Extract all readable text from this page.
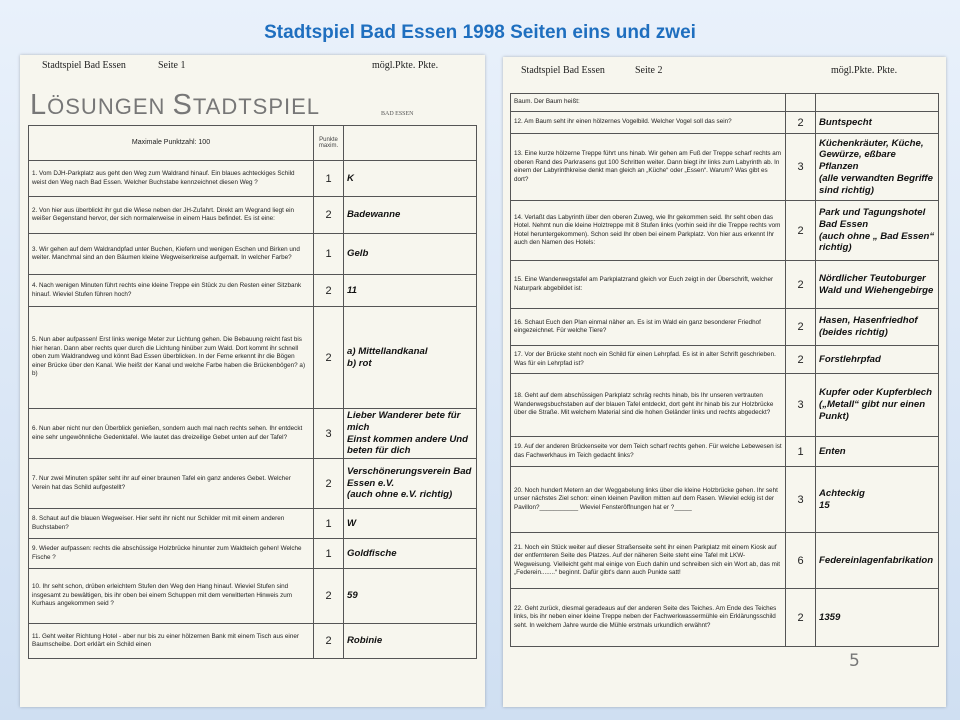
Stadtspiel Bad Essen 1998 Seiten eins und zwei
Stadtspiel Bad Essen	Seite 1	mögl.Pkte. Pkte.
LÖSUNGEN STADTSPIEL	BAD ESSEN
Maximale Punktzahl: 100	Punkte maxim.	
1. Vom DJH-Parkplatz aus geht den Weg zum Waldrand hinauf. Ein blaues achteckiges Schild weist den Weg nach Bad Essen. Welcher Buchstabe kennzeichnet diesen Weg ?	1	K
2. Von hier aus überblickt ihr gut die Wiese neben der JH-Zufahrt. Direkt am Wegrand liegt ein weißer Gegenstand hervor, der sich normalerweise in einem Haus befindet. Es ist eine:	2	Badewanne
3. Wir gehen auf dem Waldrandpfad unter Buchen, Kiefern und wenigen Eschen und Birken und weiter. Manchmal sind an den Bäumen kleine Wegweiserkreise aufgemalt. In welcher Farbe?	1	Gelb
4. Nach wenigen Minuten führt rechts eine kleine Treppe ein Stück zu den Resten einer Sitzbank hinauf. Wieviel Stufen führen hoch?	2	11
5. Nun aber aufpassen! Erst links wenige Meter zur Lichtung gehen. Die Bebauung reicht fast bis hier heran. Dann aber rechts quer durch die Lichtung hinüber zum Wald. Dort kommt ihr schnell oben zum Waldrandweg und könnt Bad Essen überblicken. In der Ferne erkennt ihr die Bögen einer Brücke über den Kanal. Wie heißt der Kanal und welche Farbe haben die Brückenbögen? a) b)	2	a) Mittellandkanal
b) rot
6. Nun aber nicht nur den Überblick genießen, sondern auch mal nach rechts sehen. Ihr entdeckt eine sehr ungewöhnliche Gedenktafel. Wie lautet das dreizeilige Gebet unten auf der Tafel?	3	Lieber Wanderer bete für mich
Einst kommen andere Und beten für dich
7. Nur zwei Minuten später seht ihr auf einer braunen Tafel ein ganz anderes Gebet. Welcher Verein hat das Schild aufgestellt?	2	Verschönerungsverein Bad Essen e.V.
(auch ohne e.V. richtig)
8. Schaut auf die blauen Wegweiser. Hier seht ihr nicht nur Schilder mit mit einem anderen Buchstaben?	1	W
9. Wieder aufpassen: rechts die abschüssige Holzbrücke hinunter zum Waldteich gehen! Welche Fische ?	1	Goldfische
10. Ihr seht schon, drüben erleichtern Stufen den Weg den Hang hinauf. Wieviel Stufen sind insgesamt zu bewältigen, bis ihr oben bei einem Schuppen mit dem verwitterten Hinweis zum Kurhaus angekommen seid ?	2	59
11. Geht weiter Richtung Hotel - aber nur bis zu einer hölzernen Bank mit einem Tisch aus einer Baumscheibe. Dort erklärt ein Schild einen	2	Robinie
Stadtspiel Bad Essen	Seite 2	mögl.Pkte. Pkte.
Baum. Der Baum heißt:		
12. Am Baum seht ihr einen hölzernes Vogelbild. Welcher Vogel soll das sein?	2	Buntspecht
13. Eine kurze hölzerne Treppe führt uns hinab. Wir gehen am Fuß der Treppe scharf rechts am oberen Rand des Parkrasens gut 100 Schritten weiter. Dann biegt ihr links zum Labyrinth ab. In einem der Labyrinthkreise denkt man gleich an „Küche“ oder „Essen“. Warum? Was gibt es dort?	3	Küchenkräuter, Küche, Gewürze, eßbare Pflanzen
(alle verwandten Begriffe sind richtig)
14. Verlaßt das Labyrinth über den oberen Zuweg, wie Ihr gekommen seid. Ihr seht oben das Hotel. Nehmt nun die kleine Holztreppe mit 8 Stufen links (vorhin seid ihr die Treppe rechts vom Hotel heruntergekommen). Schon seid Ihr oben bei einem Parkplatz. Von hier aus erkennt Ihr auch den Namen des Hotels:	2	Park und Tagungshotel Bad Essen
(auch ohne „ Bad Essen“ richtig)
15. Eine Wanderwegstafel am Parkplatzrand gleich vor Euch zeigt in der Überschrift, welcher Naturpark abgebildet ist:	2	Nördlicher Teutoburger Wald und Wiehengebirge
16. Schaut Euch den Plan einmal näher an. Es ist im Wald ein ganz besonderer Friedhof eingezeichnet. Für welche Tiere?	2	Hasen, Hasenfriedhof
(beides richtig)
17. Vor der Brücke steht noch ein Schild für einen Lehrpfad. Es ist in alter Schrift geschrieben. Was für ein Lehrpfad ist?	2	Forstlehrpfad
18. Geht auf dem abschüssigen Parkplatz schräg rechts hinab, bis Ihr unseren vertrauten Wanderwegsbuchstaben auf der blauen Tafel entdeckt, dort geht ihr hinab bis zur Holzbrücke über die Straße. Mit welchem Material sind die hohen Geländer links und rechts abgedeckt?	3	Kupfer oder Kupferblech
(„Metall“ gibt nur einen Punkt)
19. Auf der anderen Brückenseite vor dem Teich scharf rechts gehen. Für welche Lebewesen ist das Fachwerkhaus im Teich gedacht links?	1	Enten
20. Noch hundert Metern an der Weggabelung links über die kleine Holzbrücke gehen. Ihr seht unser nächstes Ziel schon: einen kleinen Pavillon mitten auf dem Rasen. Wieviel eckig ist der Pavillon?___________ Wieviel Fensteröffnungen hat er ?_____	3	Achteckig
15
21. Noch ein Stück weiter auf dieser Straßenseite seht ihr einen Parkplatz mit einem Kiosk auf der entfernteren Seite des Platzes. Auf der näheren Seite steht eine Tafel mit LKW-Wegweisung. Vielleicht geht mal einige von Euch dahin und schreiben sich ein Wort ab, das mit „Federein........“ beginnt. Dafür gibt's dann auch Punkte satt!	6	Federeinlagenfabrikation
22. Geht zurück, diesmal geradeaus auf der anderen Seite des Teiches. Am Ende des Teiches links, bis ihr neben einer kleine Treppe neben der Fachwerkwassermühle ein Erklärungsschild seht. In welchem Jahre wurde die Mühle erstmals urkundlich erwähnt?	2	1359
5
